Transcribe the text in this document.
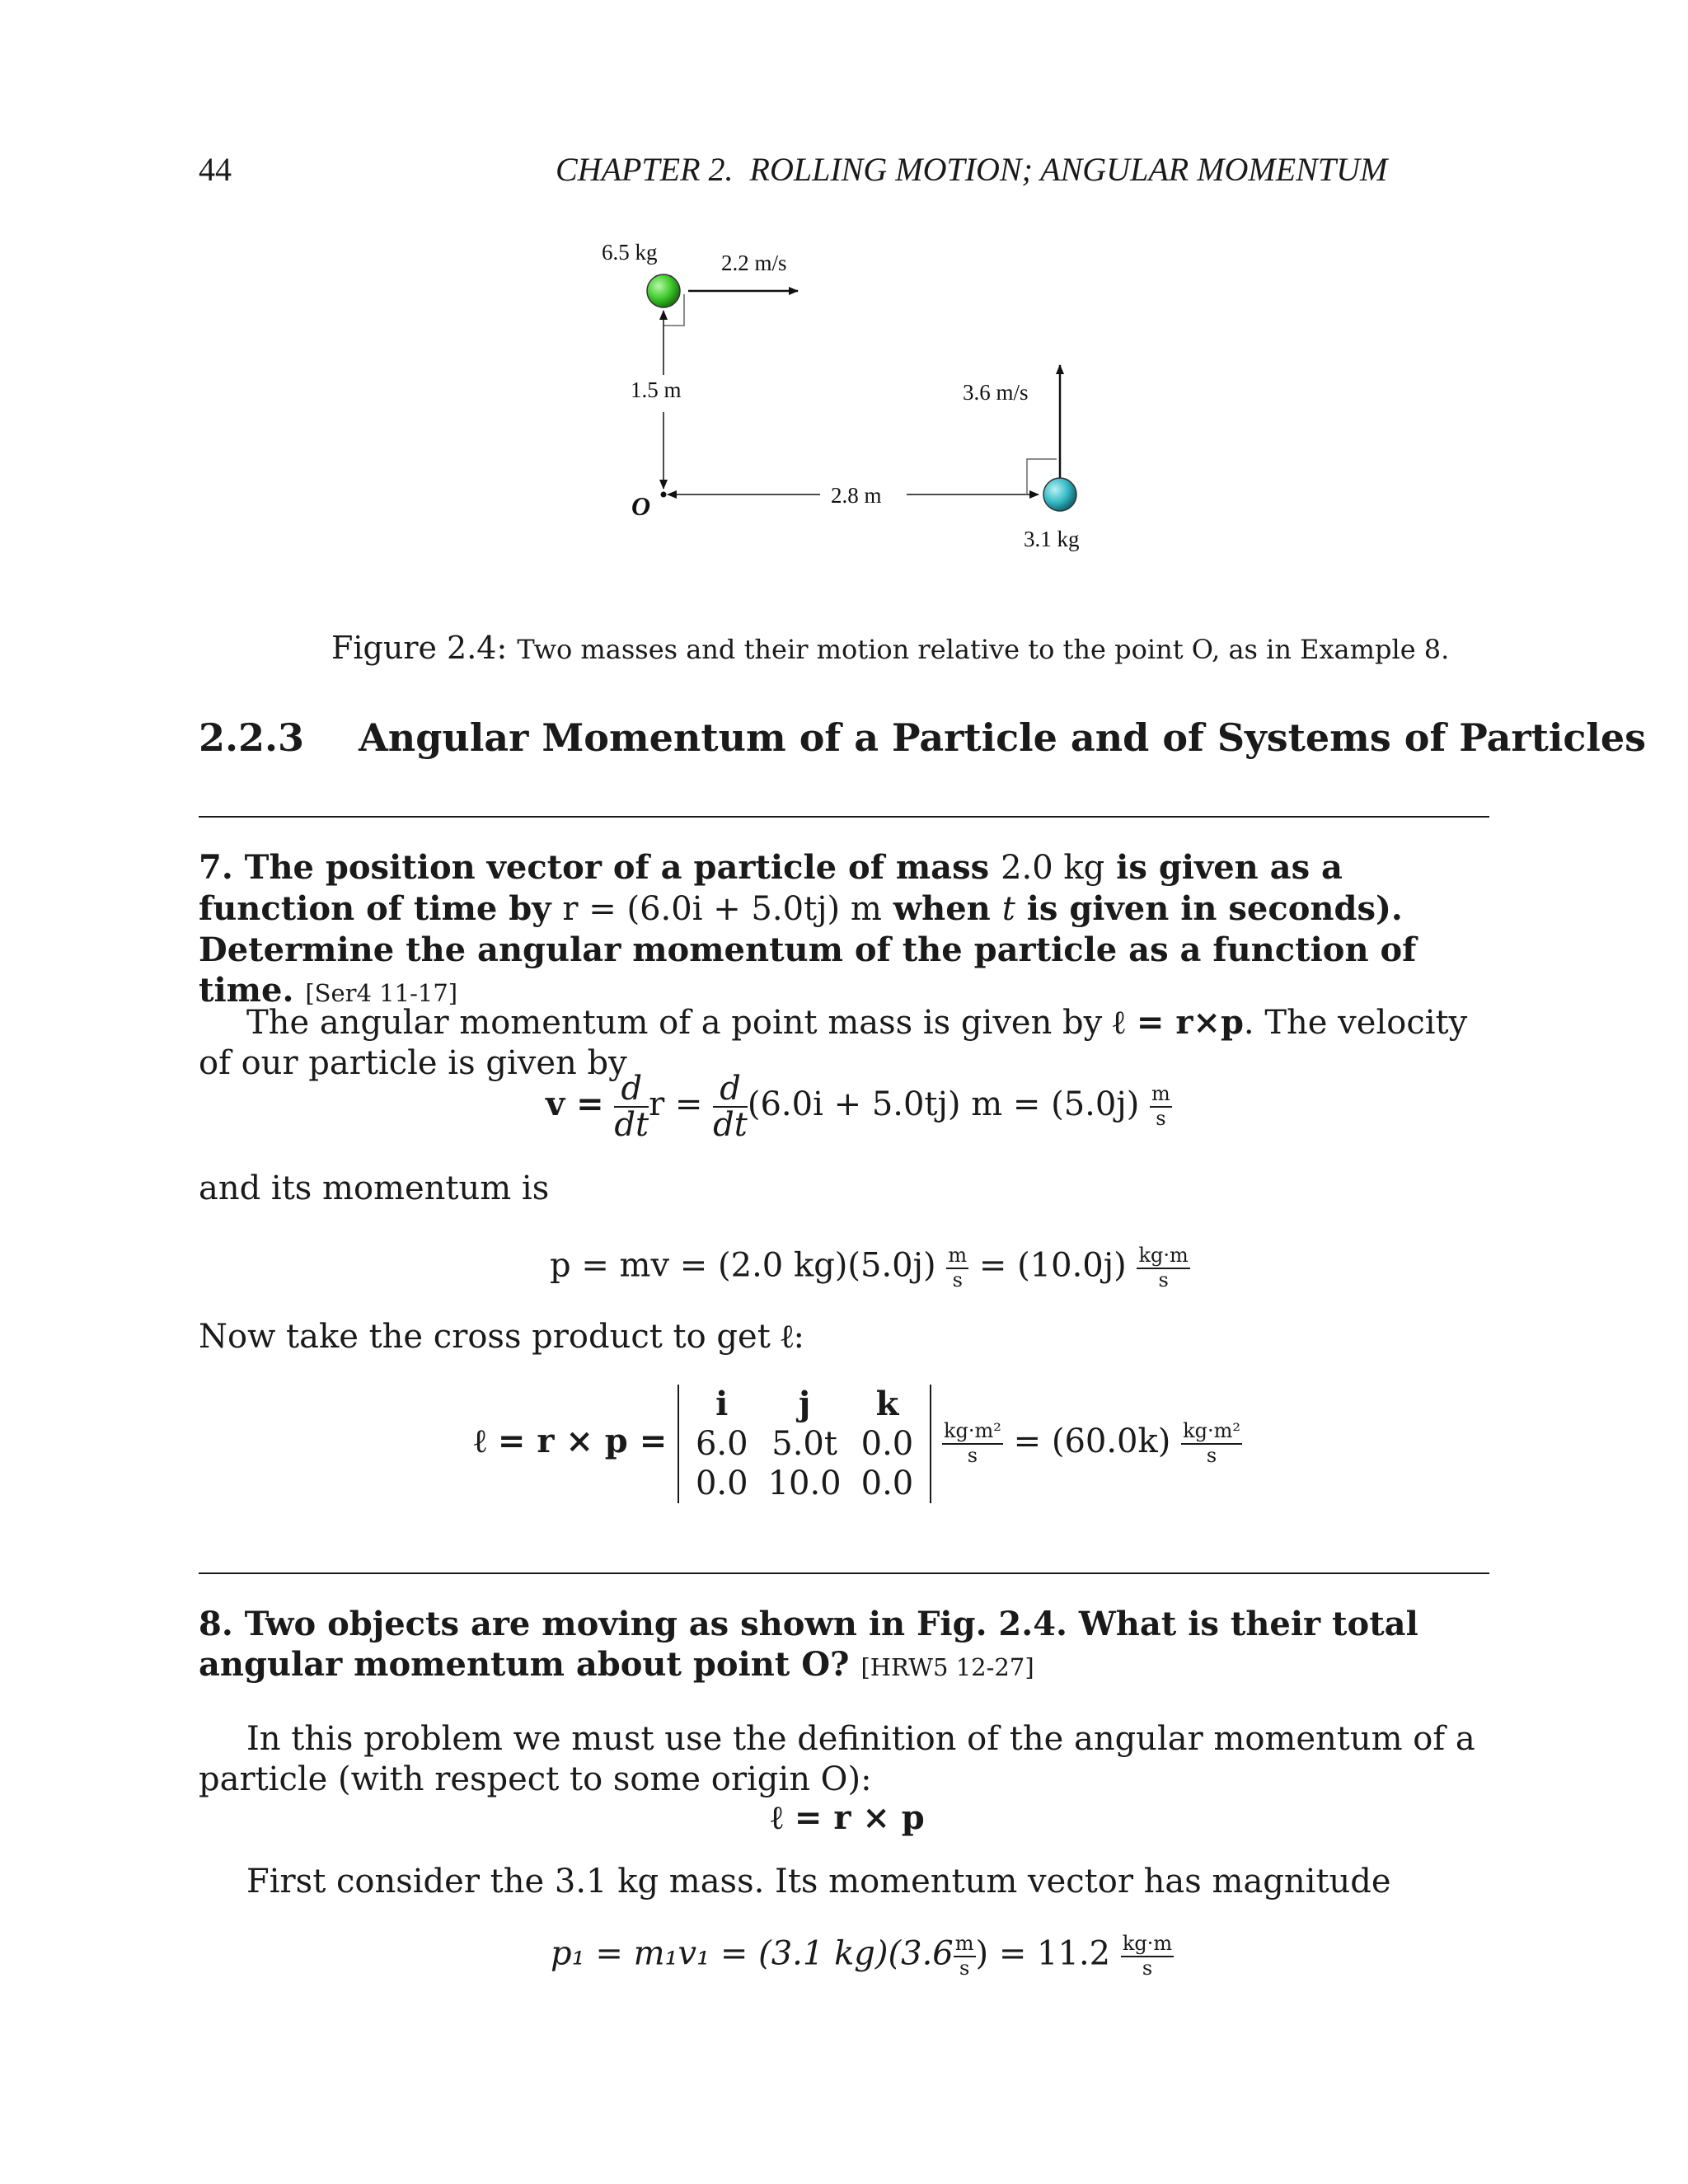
44	CHAPTER 2.  ROLLING MOTION; ANGULAR MOMENTUM
6.5 kg	2.2 m/s
1.5 m
O	2.8 m
3.6 m/s
3.1 kg
Figure 2.4: Two masses and their motion relative to the point O, as in Example 8.
2.2.3 Angular Momentum of a Particle and of Systems of Particles
7. The position vector of a particle of mass 2.0 kg is given as a function of time by r = (6.0i + 5.0tj) m when t is given in seconds). Determine the angular momentum of the particle as a function of time. [Ser4 11-17]
The angular momentum of a point mass is given by ℓ = r×p. The velocity of our particle is given by
$v = \frac{d}{dt}$ $r = \frac{d}{dt} (6.0i + 5.0tj) m = (5.0j) \frac{m}{s}$
and its momentum is
p = mv = (2.0 $kg)(5.0j) \frac{m}{s} = (10.0j) \frac{kg\cdot m}{s}$
Now take the cross product to get ℓ:
ℓ = r × p =
i	j	k
6.0	5.0t	0.0
0.0	10.0	0.0

$\frac{\text{kg·m²}}{s} = (60.0k) \frac{\text{kg·m²}}{s}$
8. Two objects are moving as shown in Fig. 2.4. What is their total angular momentum about point O? [HRW5 12-27]
In this problem we must use the definition of the angular momentum of a particle (with respect to some origin O):
ℓ = r × p
First consider the 3.1 kg mass. Its momentum vector has magnitude
p₁ = m₁v₁ = (3.1 $kg)(3.6 \frac{m}{s}$ ) = $11.2 \frac{kg\cdot m}{s}$
